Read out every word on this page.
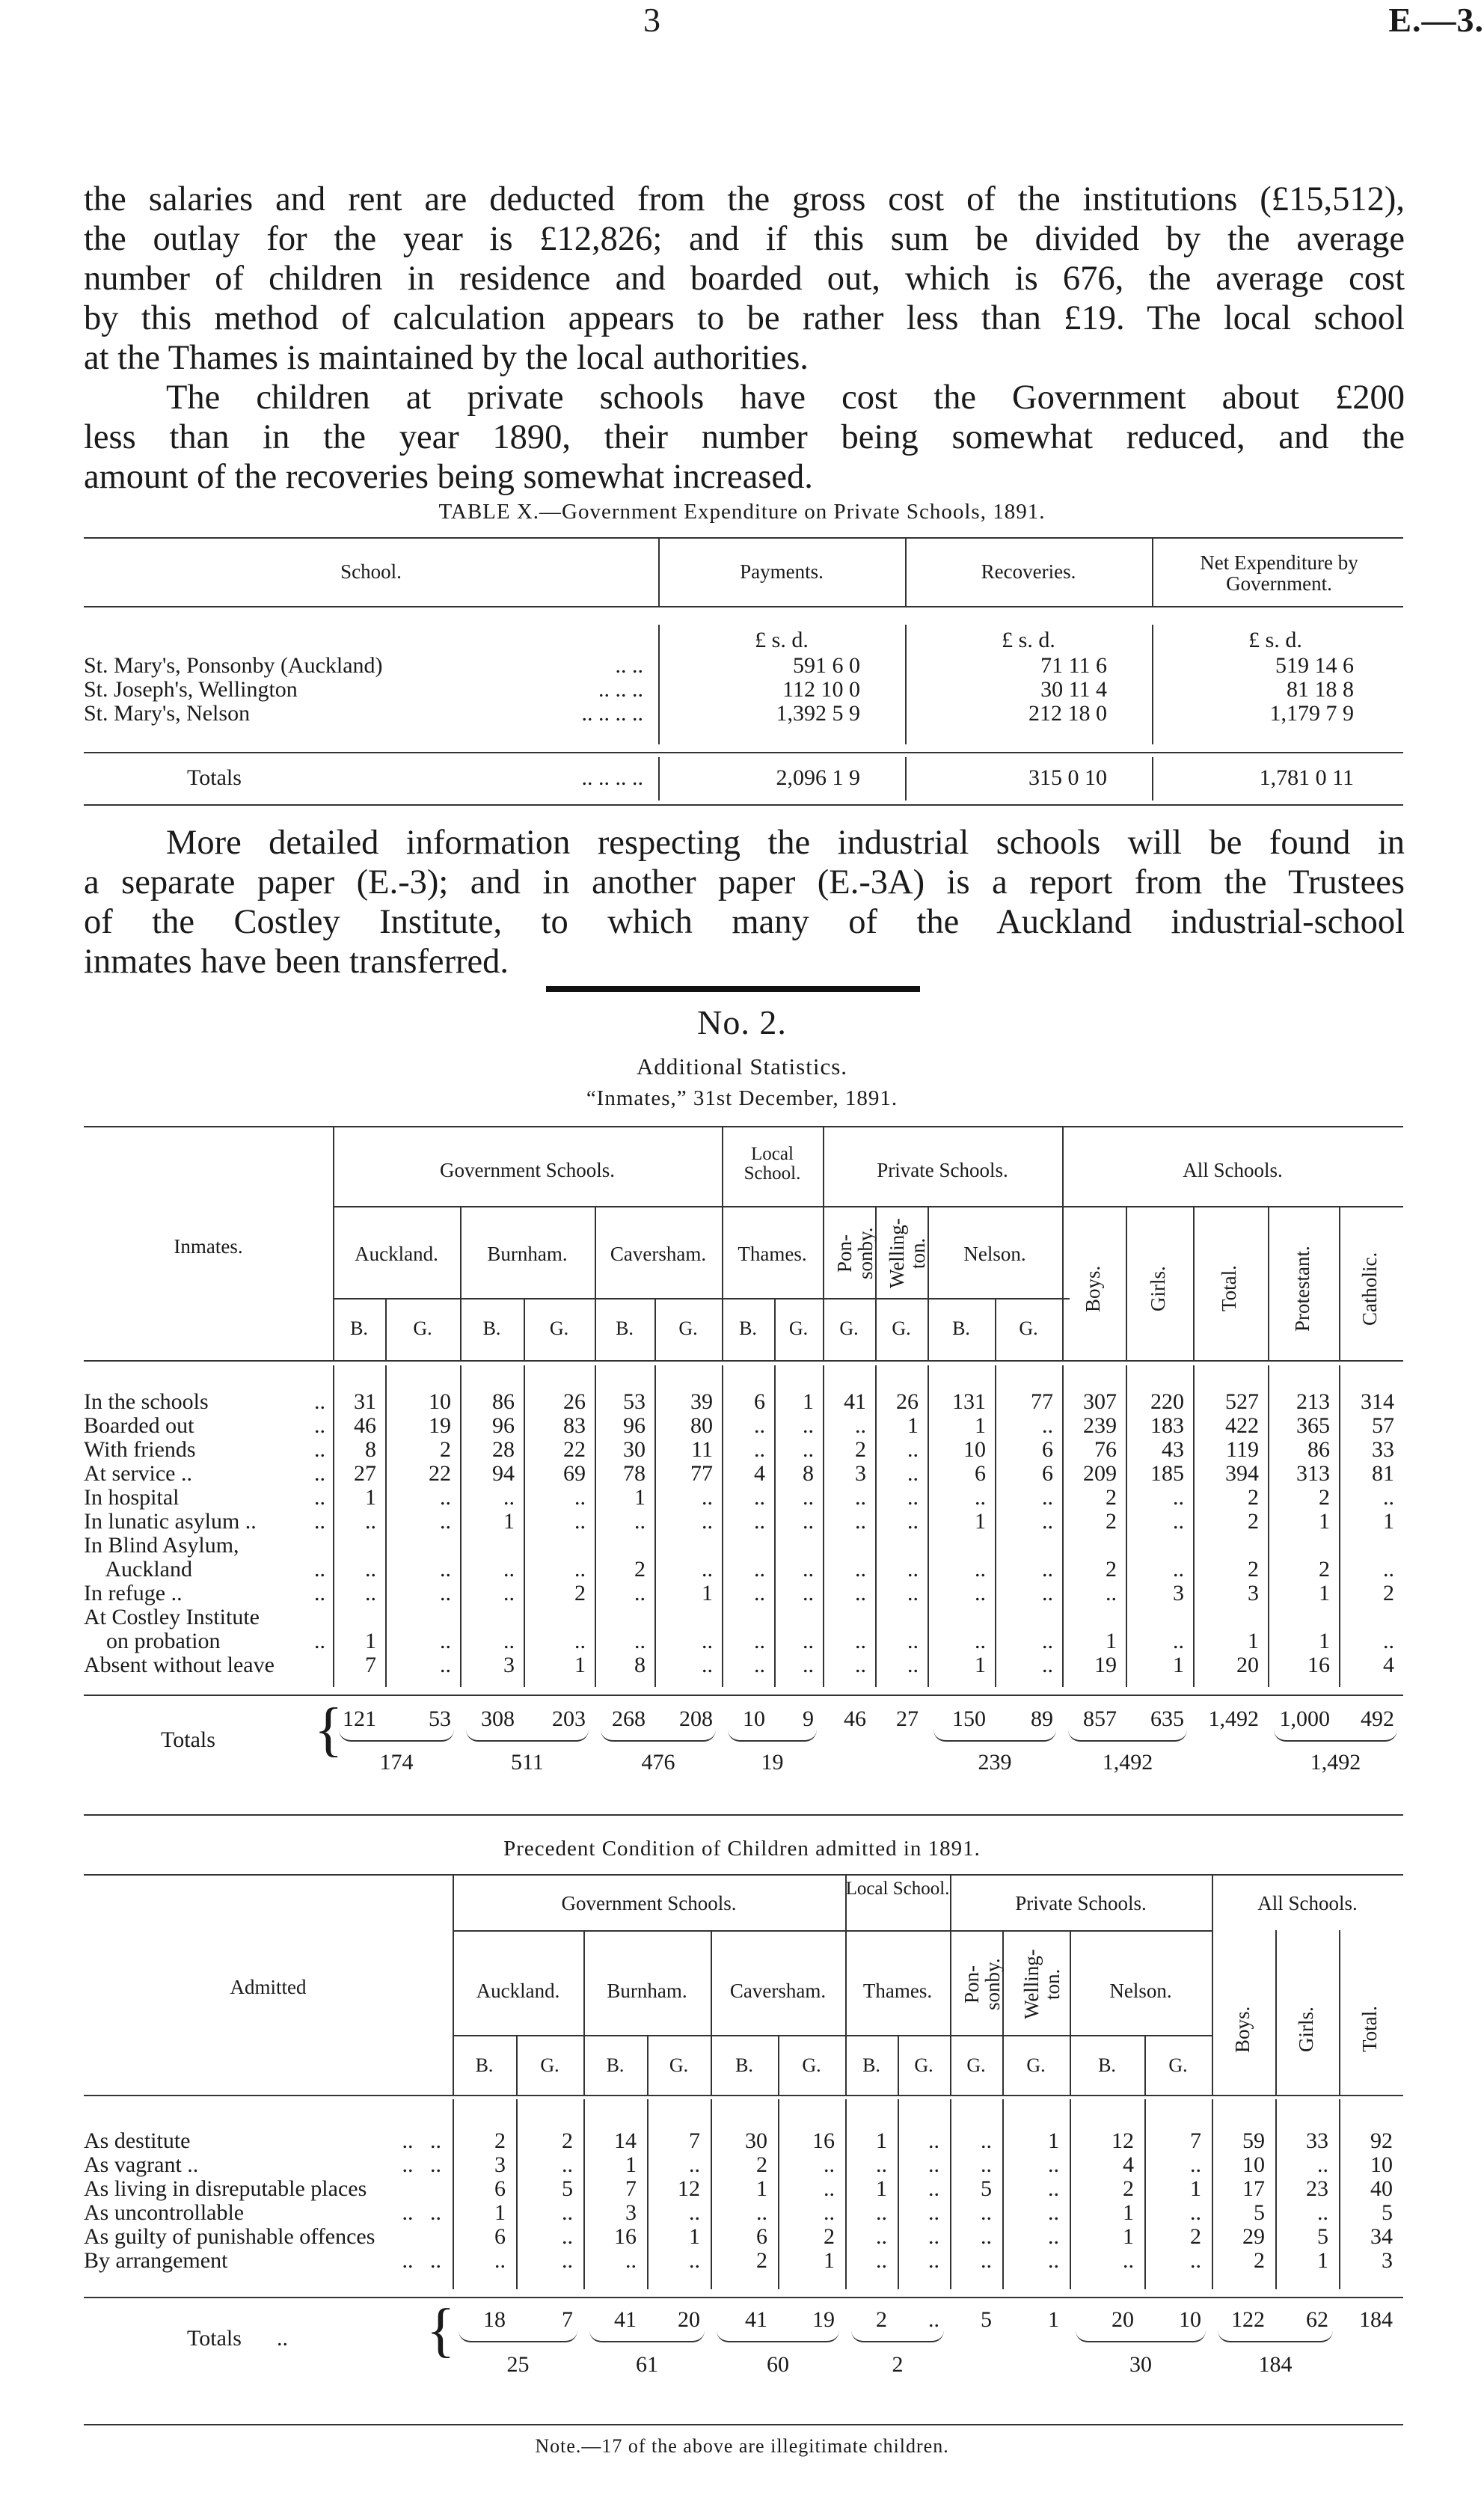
3	E.—3.
the salaries and rent are deducted from the gross cost of the institutions (£15,512),
the outlay for the year is £12,826; and if this sum be divided by the average
number of children in residence and boarded out, which is 676, the average cost
by this method of calculation appears to be rather less than £19. The local school
at the Thames is maintained by the local authorities.
The children at private schools have cost the Government about £200
less than in the year 1890, their number being somewhat reduced, and the
amount of the recoveries being somewhat increased.
TABLE X.—Government Expenditure on Private Schools, 1891.
School.	Payments.	Recoveries.	Net Expenditure by Government.
£ s. d.	£ s. d.	£ s. d.
St. Mary's, Ponsonby (Auckland)	.. ..	591 6 0	71 11 6	519 14 6
St. Joseph's, Wellington	.. .. ..	112 10 0	30 11 4	81 18 8
St. Mary's, Nelson	.. .. .. ..	1,392 5 9	212 18 0	1,179 7 9
Totals	.. .. .. ..	2,096 1 9	315 0 10	1,781 0 11
More detailed information respecting the industrial schools will be found in
a separate paper (E.-3); and in another paper (E.-3A) is a report from the Trustees
of the Costley Institute, to which many of the Auckland industrial-school
inmates have been transferred.
No. 2.
Additional Statistics.
“Inmates,” 31st December, 1891.
Government Schools.
Local School.	Private Schools.	All Schools.
Inmates.	Auckland.	Burnham.	Caversham.	Thames.	Pon-sonby. Welling-ton.	Nelson.
Boys. Girls. Total.	Protestant. Catholic.
B.	G.	B.	G.	B.	G.	B.	G.	G.	G.	B.	G.
In the schools	..	31	10	86	26	53	39	6	1	41	26	131	77	307	220	527	213	314
Boarded out	..	46	19	96	83	96	80	..	..	..	1	1	..	239	183	422	365	57
With friends	..	8	2	28	22	30	11	..	..	2	..	10	6	76	43	119	86	33
At service ..	..	27	22	94	69	78	77	4	8	3	..	6	6	209	185	394	313	81
In hospital	..	1	..	..	..	1	..	..	..	..	..	..	..	2	..	2	2	..
In lunatic asylum ..	..	..	..	1	..	..	..	..	..	..	..	1	..	2	..	2	1	1
In Blind Asylum,
Auckland	..	..	..	..	..	2	..	..	..	..	..	..	..	2	..	2	2	..
In refuge ..	..	..	..	..	2	..	1	..	..	..	..	..	..	..	3	3	1	2
At Costley Institute
on probation	..	1	..	..	..	..	..	..	..	..	..	..	..	1	..	1	1	..
Absent without leave	7	..	3	1	8	..	..	..	..	..	1	..	19	1	20	16	4
Totals { 121	53	308	203	268	208	10	9	46	27	150	89	857	635	1,492 1,000	492
174	511	476	19	239	1,492	1,492
Precedent Condition of Children admitted in 1891.
Government Schools.
Local School.
Private Schools.	All Schools.
Admitted	Auckland.	Burnham.	Caversham.	Thames.	Pon-sonby. Welling-ton.	Nelson.
Boys. Girls. Total.
B.	G.	B.	G.	B.	G.	B.	G.	G.	G.	B.	G.
As destitute	..   ..	2	2	14	7	30	16	1	..	..	1	12	7	59	33	92
As vagrant ..	..   ..	3	..	1	..	2	..	..	..	..	..	4	..	10	..	10
As living in disreputable places	6	5	7	12	1	..	1	..	5	..	2	1	17	23	40
As uncontrollable	..   ..	1	..	3	..	..	..	..	..	..	..	1	..	5	..	5
As guilty of punishable offences	6	..	16	1	6	2	..	..	..	..	1	2	29	5	34
By arrangement	..   ..	..	..	..	..	2	1	..	..	..	..	..	..	2	1	3
Totals .. {	18	7	41	20	41	19	2	..	5	1	20	10	122	62	184
25	61	60	2	30	184
Note.—17 of the above are illegitimate children.
